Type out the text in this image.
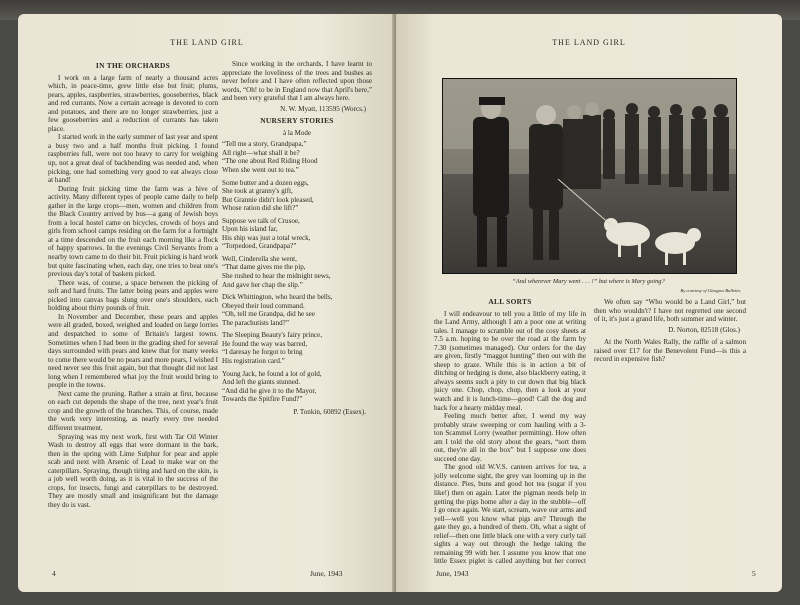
THE LAND GIRL
IN THE ORCHARDS

I work on a large farm of nearly a thousand acres which, in peace-time, grew little else but fruit; plums, pears, apples, raspberries, strawberries, gooseberries, black and red currants. Now a certain acreage is devoted to corn and potatoes, and there are no longer strawberries, just a few gooseberries and a reduction of currants has taken place.

I started work in the early summer of last year and spent a busy two and a half months fruit picking. I found raspberries full, were not too heavy to carry for weighing up, not a great deal of backbending was needed and, when picking, one had something very good to eat always close at hand!

During fruit picking time the farm was a hive of activity. Many different types of people came daily to help gather in the large crops—men, women and children from the Black Country arrived by bus—a gang of Jewish boys from a local hostel came on bicycles, crowds of boys and girls from school camps residing on the farm for a fortnight at a time descended on the fruit each morning like a flock of happy sparrows. In the evenings Civil Servants from a nearby town came to do their bit. Fruit picking is hard work but quite fascinating when, each day, one tries to beat one's previous day's total of baskets picked.

There was, of course, a space between the picking of soft and hard fruits. The latter being pears and apples were picked into canvas bags slung over one's shoulders, each holding about thirty pounds of fruit.

In November and December, these pears and apples were all graded, boxed, weighed and loaded on large lorries and despatched to some of Britain's largest towns. Sometimes when I had been in the grading shed for several days surrounded with pears and knew that for many weeks to come there would be no pears and more pears, I wished I need never see this fruit again, but that thought did not last long when I remembered what joy the fruit would bring to people in the towns.

Next came the pruning. Rather a strain at first, because on each cut depends the shape of the tree, next year's fruit crop and the growth of the branches. This, of course, made the work very interesting, as nearly every tree needed different treatment.

Spraying was my next work, first with Tar Oil Winter Wash to destroy all eggs that were dormant in the bark, then in the spring with Lime Sulphur for pear and apple scab and next with Arsenic of Lead to make war on the caterpillars. Spraying, though tiring and hard on the skin, is a job well worth doing, as it is vital to the success of the crops, for insects, fungi and caterpillars to be destroyed. They are mostly small and insignificant but the damage they do is vast.

Since working in the orchards, I have learnt to appreciate the loveliness of the trees and bushes as never before and I have often reflected upon those words, “Oh! to be in England now that April's here,” and been very grateful that I am always here.

N. W. Myatt, 113595 (Worcs.)
NURSERY STORIES
à la Mode
“Tell me a story, Grandpapa,”
All right—what shall it be?
“The one about Red Riding Hood
When she went out to tea.”
Some butter and a dozen eggs,
She took at granny's gift,
But Grannie didn't look pleased,
Whose ration did she lift?”
Suppose we talk of Crusoe,
Upon his island far,
His ship was just a total wreck,
“Torpedoed, Grandpapa?”
Well, Cinderella she went,
“That dame gives me the pip,
She rushed to hear the midnight news,
And gave her chap the slip.”
Dick Whittington, who heard the bells,
Obeyed their loud command.
“Oh, tell me Grandpa, did he see
The parachutists land?”
The Sleeping Beauty's fairy prince,
He found the way was barred,
“I daresay he forgot to bring
His registration card.”
Young Jack, he found a lot of gold,
And left the giants stunned.
“And did he give it to the Mayor,
Towards the Spitfire Fund?”
P. Tonkin, 60892 (Essex).
4	June, 1943
THE LAND GIRL
“And wherever Mary went . . . !” but where is Mary going?
By courtesy of Glasgow Bulletin.
ALL SORTS

I will endeavour to tell you a little of my life in the Land Army, although I am a poor one at writing tales. I manage to scramble out of the cosy sheets at 7.5 a.m. hoping to be over the road at the farm by 7.30 (sometimes managed). Our orders for the day are given, firstly “maggot hunting” then out with the sheep to graze. While this is in action a bit of ditching or hedging is done, also blackberry eating, it always seems such a pity to cut down that big black juicy one. Chop, chop, chop, then a look at your watch and it is lunch-time—good! Call the dog and back for a hearty midday meal.

Feeling much better after, I wend my way probably straw sweeping or corn hauling with a 3-ton Scammel Lorry (weather permitting). How often am I told the old story about the gears, “sort them out, they're all in the box” but I suppose one does succeed one day.

The good old W.V.S. canteen arrives for tea, a jolly welcome sight, the grey van looming up in the distance. Pies, buns and good hot tea (sugar if you like!) then on again. Later the pigman needs help in getting the pigs home after a day in the stubble—off I go once again. We start, scream, wave our arms and yell—well you know what pigs are? Through the gate they go, a hundred of them. Oh, what a sight of relief—then one little black one with a very curly tail sights a way out through the hedge taking the remaining 99 with her. I assume you know that one little Essex piglet is called anything but her correct

We often say “Who would be a Land Girl,” but then who wouldn't? I have not regretted one second of it, it's just a grand life, both summer and winter.

D. Norton, 82518 (Glos.)

At the North Wales Rally, the raffle of a salmon raised over £17 for the Benevolent Fund—is this a record in expensive fish?

June, 1943	5
